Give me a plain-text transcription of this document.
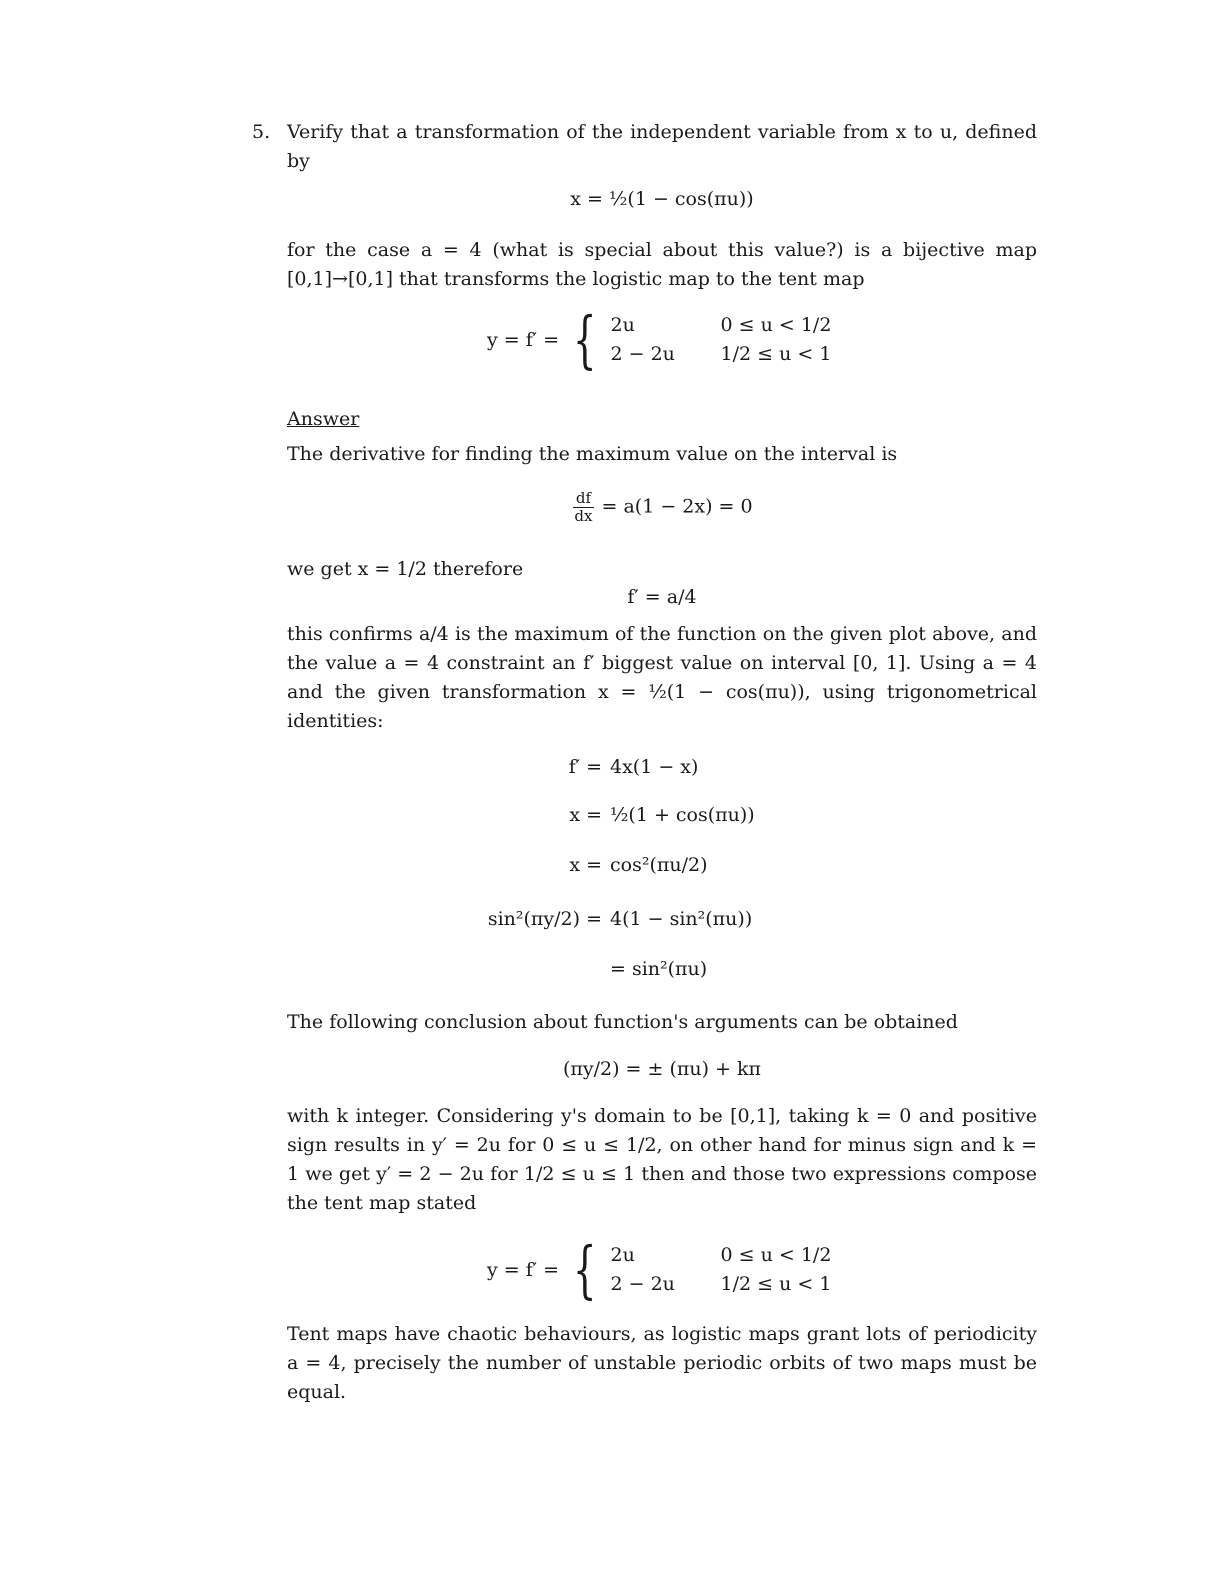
5. Verify that a transformation of the independent variable from x to u, defined by
x = ½(1 − cos(πu))
for the case a = 4 (what is special about this value?) is a bijective map [0,1]→[0,1] that transforms the logistic map to the tent map
y = f′ = { 2u	0 ≤ u < 1/2
2 − 2u	1/2 ≤ u < 1
Answer
The derivative for finding the maximum value on the interval is
$\frac{df}{dx} = a(1 - 2x) = 0$
we get x = 1/2 therefore
f′ = a/4
this confirms a/4 is the maximum of the function on the given plot above, and the value a = 4 constraint an f′ biggest value on interval [0, 1]. Using a = 4 and the given transformation x = ½(1 − cos(πu)), using trigonometrical identities:
f′ = 4x(1 − x)
x = ½(1 + cos(πu))
x = cos²(πu/2)
sin²(πy/2) = 4(1 − sin²(πu))
= sin²(πu)
The following conclusion about function's arguments can be obtained
(πy/2) = ± (πu) + kπ
with k integer. Considering y's domain to be [0,1], taking k = 0 and positive sign results in y′ = 2u for 0 ≤ u ≤ 1/2, on other hand for minus sign and k = 1 we get y′ = 2 − 2u for 1/2 ≤ u ≤ 1 then and those two expressions compose the tent map stated
y = f′ = { 2u	0 ≤ u < 1/2
2 − 2u	1/2 ≤ u < 1
Tent maps have chaotic behaviours, as logistic maps grant lots of periodicity a = 4, precisely the number of unstable periodic orbits of two maps must be equal.
